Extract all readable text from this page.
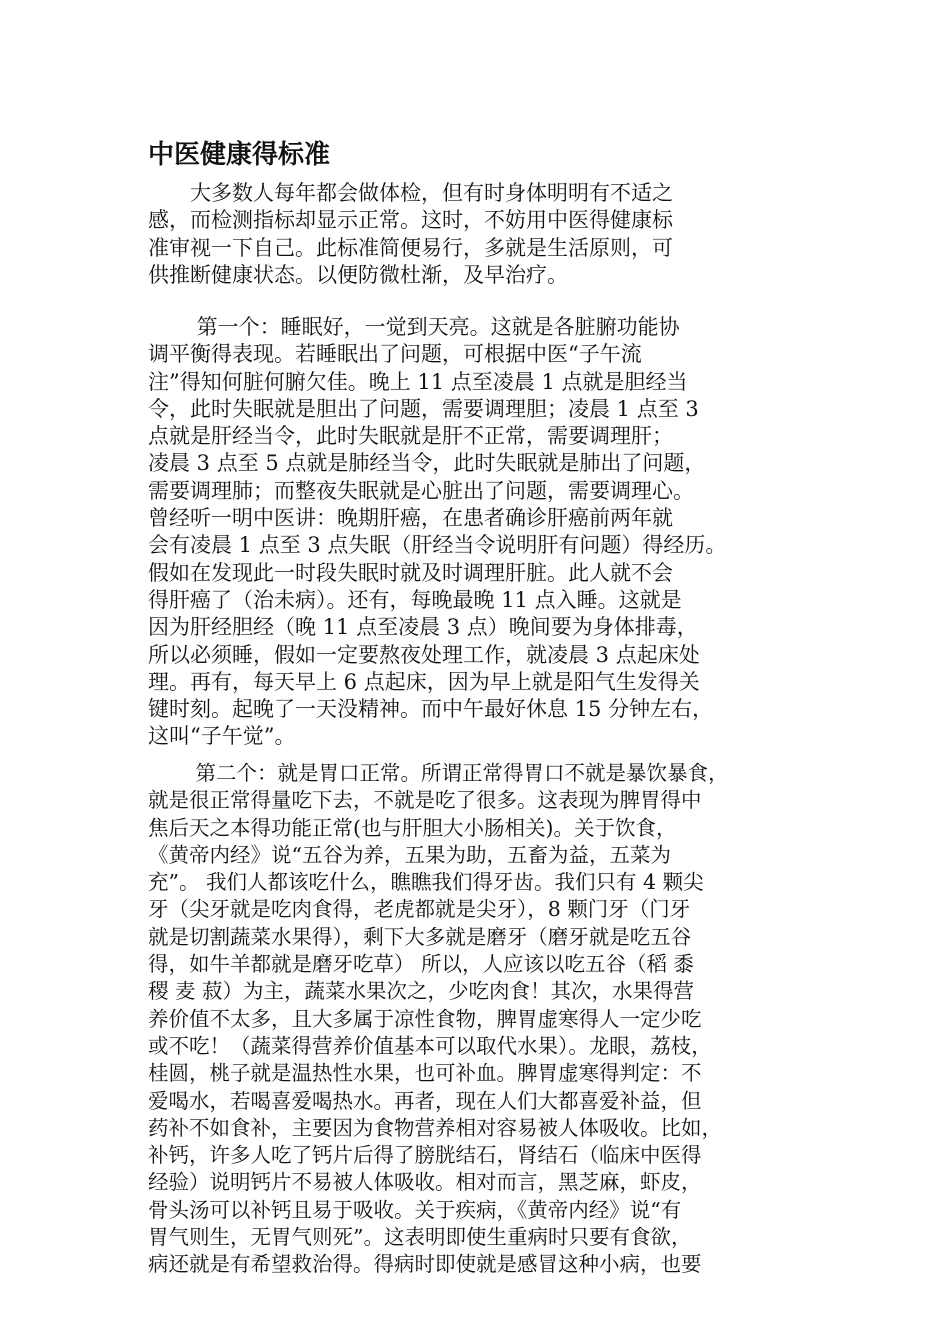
中医健康得标准
　　大多数人每年都会做体检，但有时身体明明有不适之
感，而检测指标却显示正常。这时，不妨用中医得健康标
准审视一下自己。此标准简便易行，多就是生活原则，可
供推断健康状态。以便防微杜渐，及早治疗。
　　 第一个：睡眠好，一觉到天亮。这就是各脏腑功能协
调平衡得表现。若睡眠出了问题，可根据中医“子午流
注”得知何脏何腑欠佳。晚上 11 点至凌晨 1 点就是胆经当
令，此时失眠就是胆出了问题，需要调理胆；凌晨 1 点至 3
点就是肝经当令，此时失眠就是肝不正常，需要调理肝；
凌晨 3 点至 5 点就是肺经当令，此时失眠就是肺出了问题，
需要调理肺；而整夜失眠就是心脏出了问题，需要调理心。
曾经听一明中医讲：晚期肝癌，在患者确诊肝癌前两年就
会有凌晨 1 点至 3 点失眠（肝经当令说明肝有问题）得经历。
假如在发现此一时段失眠时就及时调理肝脏。此人就不会
得肝癌了（治未病）。还有，每晚最晚 11 点入睡。这就是
因为肝经胆经（晚 11 点至凌晨 3 点）晚间要为身体排毒，
所以必须睡，假如一定要熬夜处理工作，就凌晨 3 点起床处
理。再有，每天早上 6 点起床，因为早上就是阳气生发得关
键时刻。起晚了一天没精神。而中午最好休息 15 分钟左右，
这叫“子午觉”。
　　 第二个：就是胃口正常。所谓正常得胃口不就是暴饮暴食，
就是很正常得量吃下去，不就是吃了很多。这表现为脾胃得中
焦后天之本得功能正常(也与肝胆大小肠相关)。关于饮食，
《黄帝内经》说“五谷为养，五果为助，五畜为益，五菜为
充”。 我们人都该吃什么，瞧瞧我们得牙齿。我们只有 4 颗尖
牙（尖牙就是吃肉食得，老虎都就是尖牙），8 颗门牙（门牙
就是切割蔬菜水果得），剩下大多就是磨牙（磨牙就是吃五谷
得，如牛羊都就是磨牙吃草） 所以，人应该以吃五谷（稻 黍
稷 麦 菽）为主，蔬菜水果次之，少吃肉食！其次，水果得营
养价值不太多，且大多属于凉性食物，脾胃虚寒得人一定少吃
或不吃！（蔬菜得营养价值基本可以取代水果）。龙眼，荔枝，
桂圆，桃子就是温热性水果，也可补血。脾胃虚寒得判定：不
爱喝水，若喝喜爱喝热水。再者，现在人们大都喜爱补益，但
药补不如食补，主要因为食物营养相对容易被人体吸收。比如，
补钙，许多人吃了钙片后得了膀胱结石，肾结石（临床中医得
经验）说明钙片不易被人体吸收。相对而言，黑芝麻，虾皮，
骨头汤可以补钙且易于吸收。关于疾病，《黄帝内经》说“有
胃气则生，无胃气则死”。这表明即使生重病时只要有食欲，
病还就是有希望救治得。得病时即使就是感冒这种小病，也要
